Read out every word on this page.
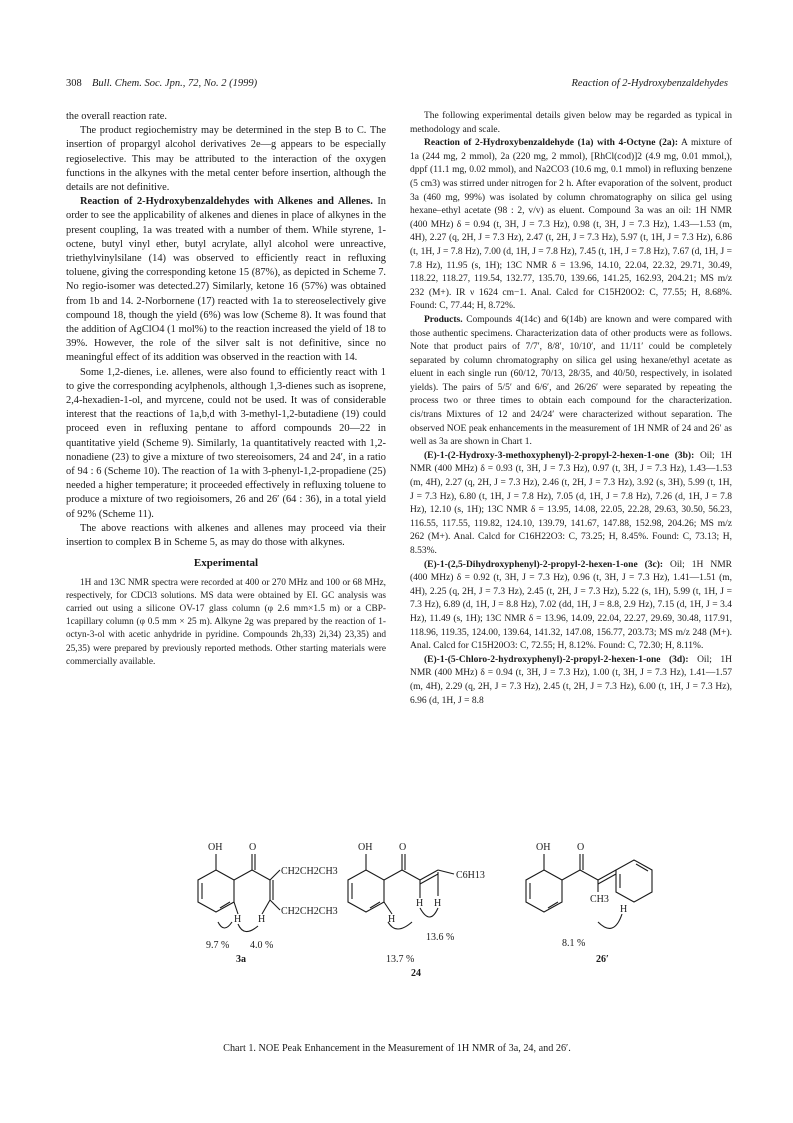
308 Bull. Chem. Soc. Jpn., 72, No. 2 (1999)	Reaction of 2-Hydroxybenzaldehydes

the overall reaction rate.

The product regiochemistry may be determined in the step B to C. The insertion of propargyl alcohol derivatives 2e—g appears to be especially regioselective. This may be attributed to the interaction of the oxygen functions in the alkynes with the metal center before insertion, although the details are not definitive.

Reaction of 2-Hydroxybenzaldehydes with Alkenes and Allenes. In order to see the applicability of alkenes and dienes in place of alkynes in the present coupling, 1a was treated with a number of them. While styrene, 1-octene, butyl vinyl ether, butyl acrylate, allyl alcohol were unreactive, triethylvinylsilane (14) was observed to efficiently react in refluxing toluene, giving the corresponding ketone 15 (87%), as depicted in Scheme 7. No regio-isomer was detected.27) Similarly, ketone 16 (57%) was obtained from 1b and 14. 2-Norbornene (17) reacted with 1a to stereoselectively give compound 18, though the yield (6%) was low (Scheme 8). It was found that the addition of AgClO4 (1 mol%) to the reaction increased the yield of 18 to 39%. However, the role of the silver salt is not definitive, since no meaningful effect of its addition was observed in the reaction with 14.

Some 1,2-dienes, i.e. allenes, were also found to efficiently react with 1 to give the corresponding acylphenols, although 1,3-dienes such as isoprene, 2,4-hexadien-1-ol, and myrcene, could not be used. It was of considerable interest that the reactions of 1a,b,d with 3-methyl-1,2-butadiene (19) could proceed even in refluxing pentane to afford compounds 20—22 in quantitative yield (Scheme 9). Similarly, 1a quantitatively reacted with 1,2-nonadiene (23) to give a mixture of two stereoisomers, 24 and 24′, in a ratio of 94 : 6 (Scheme 10). The reaction of 1a with 3-phenyl-1,2-propadiene (25) needed a higher temperature; it proceeded effectively in refluxing toluene to produce a mixture of two regioisomers, 26 and 26′ (64 : 36), in a total yield of 92% (Scheme 11).

The above reactions with alkenes and allenes may proceed via their insertion to complex B in Scheme 5, as may do those with alkynes.

Experimental

1H and 13C NMR spectra were recorded at 400 or 270 MHz and 100 or 68 MHz, respectively, for CDCl3 solutions. MS data were obtained by EI. GC analysis was carried out using a silicone OV-17 glass column (φ 2.6 mm×1.5 m) or a CBP-1capillary column (φ 0.5 mm × 25 m). Alkyne 2g was prepared by the reaction of 1-octyn-3-ol with acetic anhydride in pyridine. Compounds 2h,33) 2i,34) 23,35) and 25,35) were prepared by previously reported methods. Other starting materials were commercially available.

The following experimental details given below may be regarded as typical in methodology and scale.

Reaction of 2-Hydroxybenzaldehyde (1a) with 4-Octyne (2a): A mixture of 1a (244 mg, 2 mmol), 2a (220 mg, 2 mmol), [RhCl(cod)]2 (4.9 mg, 0.01 mmol,), dppf (11.1 mg, 0.02 mmol), and Na2CO3 (10.6 mg, 0.1 mmol) in refluxing benzene (5 cm3) was stirred under nitrogen for 2 h. After evaporation of the solvent, product 3a (460 mg, 99%) was isolated by column chromatography on silica gel using hexane–ethyl acetate (98 : 2, v/v) as eluent. Compound 3a was an oil: 1H NMR (400 MHz) δ = 0.94 (t, 3H, J = 7.3 Hz), 0.98 (t, 3H, J = 7.3 Hz), 1.43—1.53 (m, 4H), 2.27 (q, 2H, J = 7.3 Hz), 2.47 (t, 2H, J = 7.3 Hz), 5.97 (t, 1H, J = 7.3 Hz), 6.86 (t, 1H, J = 7.8 Hz), 7.00 (d, 1H, J = 7.8 Hz), 7.45 (t, 1H, J = 7.8 Hz), 7.67 (d, 1H, J = 7.8 Hz), 11.95 (s, 1H); 13C NMR δ = 13.96, 14.10, 22.04, 22.32, 29.71, 30.49, 118.22, 118.27, 119.54, 132.77, 135.70, 139.66, 141.25, 162.93, 204.21; MS m/z 232 (M+). IR ν 1624 cm−1. Anal. Calcd for C15H20O2: C, 77.55; H, 8.68%. Found: C, 77.44; H, 8.72%.

Products. Compounds 4(14c) and 6(14b) are known and were compared with those authentic specimens. Characterization data of other products were as follows. Note that product pairs of 7/7′, 8/8′, 10/10′, and 11/11′ could be completely separated by column chromatography on silica gel using hexane/ethyl acetate as eluent in each single run (60/12, 70/13, 28/35, and 40/50, respectively, in isolated yields). The pairs of 5/5′ and 6/6′, and 26/26′ were separated by repeating the process two or three times to obtain each compound for the characterization. cis/trans Mixtures of 12 and 24/24′ were characterized without separation. The observed NOE peak enhancements in the measurement of 1H NMR of 24 and 26′ as well as 3a are shown in Chart 1.

(E)-1-(2-Hydroxy-3-methoxyphenyl)-2-propyl-2-hexen-1-one (3b): Oil; 1H NMR (400 MHz) δ = 0.93 (t, 3H, J = 7.3 Hz), 0.97 (t, 3H, J = 7.3 Hz), 1.43—1.53 (m, 4H), 2.27 (q, 2H, J = 7.3 Hz), 2.46 (t, 2H, J = 7.3 Hz), 3.92 (s, 3H), 5.99 (t, 1H, J = 7.3 Hz), 6.80 (t, 1H, J = 7.8 Hz), 7.05 (d, 1H, J = 7.8 Hz), 7.26 (d, 1H, J = 7.8 Hz), 12.10 (s, 1H); 13C NMR δ = 13.95, 14.08, 22.05, 22.28, 29.63, 30.50, 56.23, 116.55, 117.55, 119.82, 124.10, 139.79, 141.67, 147.88, 152.98, 204.26; MS m/z 262 (M+). Anal. Calcd for C16H22O3: C, 73.25; H, 8.45%. Found: C, 73.13; H, 8.53%.

(E)-1-(2,5-Dihydroxyphenyl)-2-propyl-2-hexen-1-one (3c): Oil; 1H NMR (400 MHz) δ = 0.92 (t, 3H, J = 7.3 Hz), 0.96 (t, 3H, J = 7.3 Hz), 1.41—1.51 (m, 4H), 2.25 (q, 2H, J = 7.3 Hz), 2.45 (t, 2H, J = 7.3 Hz), 5.22 (s, 1H), 5.99 (t, 1H, J = 7.3 Hz), 6.89 (d, 1H, J = 8.8 Hz), 7.02 (dd, 1H, J = 8.8, 2.9 Hz), 7.15 (d, 1H, J = 3.4 Hz), 11.49 (s, 1H); 13C NMR δ = 13.96, 14.09, 22.04, 22.27, 29.69, 30.48, 117.91, 118.96, 119.35, 124.00, 139.64, 141.32, 147.08, 156.77, 203.73; MS m/z 248 (M+). Anal. Calcd for C15H20O3: C, 72.55; H, 8.12%. Found: C, 72.30; H, 8.11%.

(E)-1-(5-Chloro-2-hydroxyphenyl)-2-propyl-2-hexen-1-one (3d): Oil; 1H NMR (400 MHz) δ = 0.94 (t, 3H, J = 7.3 Hz), 1.00 (t, 3H, J = 7.3 Hz), 1.41—1.57 (m, 4H), 2.29 (q, 2H, J = 7.3 Hz), 2.45 (t, 2H, J = 7.3 Hz), 6.00 (t, 1H, J = 7.3 Hz), 6.96 (d, 1H, J = 8.8

OH	O
CH2CH2CH3
CH2CH2CH3
H H
9.7 % 4.0 %
3a
OH	O
C6H13
H
H H
13.7 %
13.6 %
24
OH	O
CH3
H
8.1 %
26′
Chart 1. NOE Peak Enhancement in the Measurement of 1H NMR of 3a, 24, and 26′.
